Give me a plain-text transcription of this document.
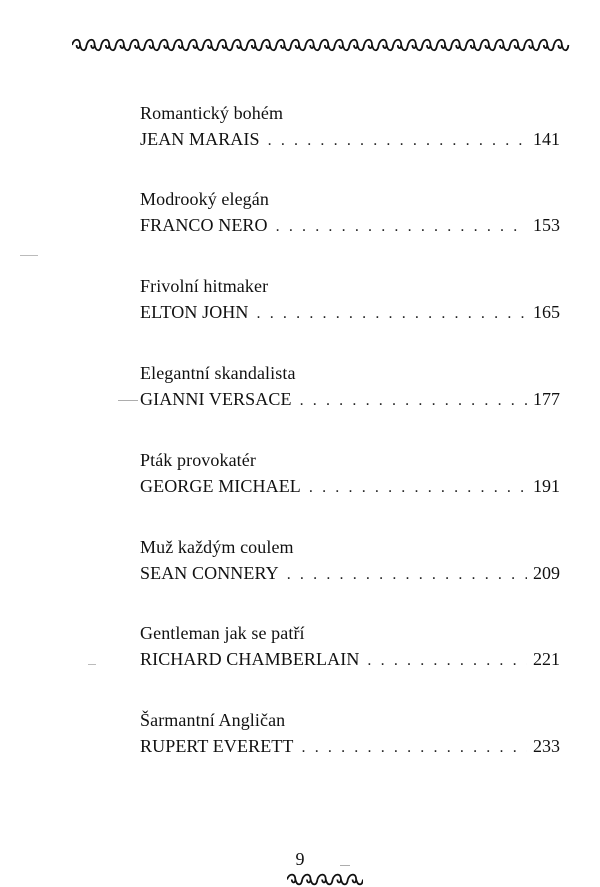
Romantický bohém
JEAN MARAIS . . .	141
Modrooký elegán
FRANCO NERO . . .	153
Frivolní hitmaker
ELTON JOHN . . .	165
Elegantní skandalista
GIANNI VERSACE . . .	177
Pták provokatér
GEORGE MICHAEL . . .	191
Muž každým coulem
SEAN CONNERY . . .	209
Gentleman jak se patří
RICHARD CHAMBERLAIN . . .	221
Šarmantní Angličan
RUPERT EVERETT . . .	233
9
